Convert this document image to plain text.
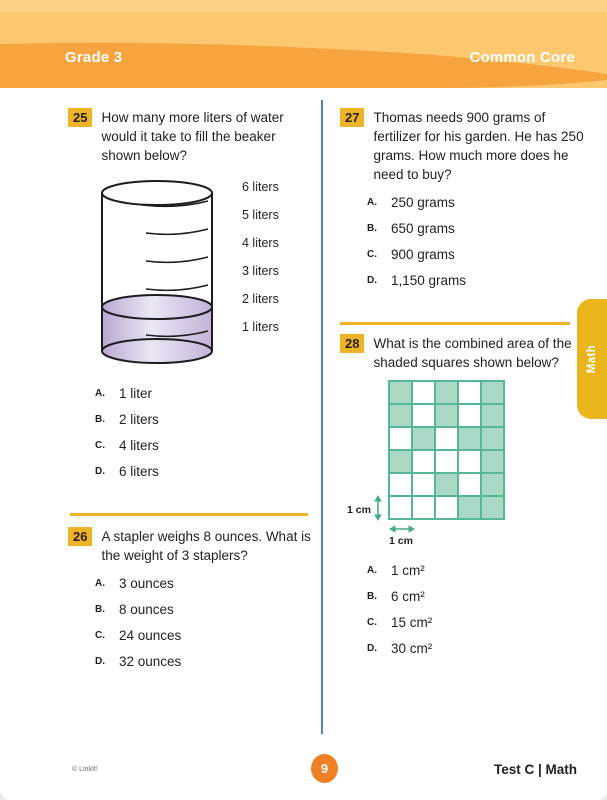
Grade 3	Common Core
25	How many more liters of water would it take to fill the beaker shown below?
6 liters
5 liters
4 liters
3 liters
2 liters
1 liters
A.	1 liter
B.	2 liters
C.	4 liters
D.	6 liters
26	A stapler weighs 8 ounces. What is the weight of 3 staplers?
A.	3 ounces
B.	8 ounces
C.	24 ounces
D.	32 ounces
27	Thomas needs 900 grams of fertilizer for his garden. He has 250 grams. How much more does he need to buy?
A.	250 grams
B.	650 grams
C.	900 grams
D.	1,150 grams
28	What is the combined area of the shaded squares shown below?
1 cm
1 cm
A.	1 cm²
B.	6 cm²
C.	15 cm²
D.	30 cm²
Math
© LinkIt!	9	Test C | Math
